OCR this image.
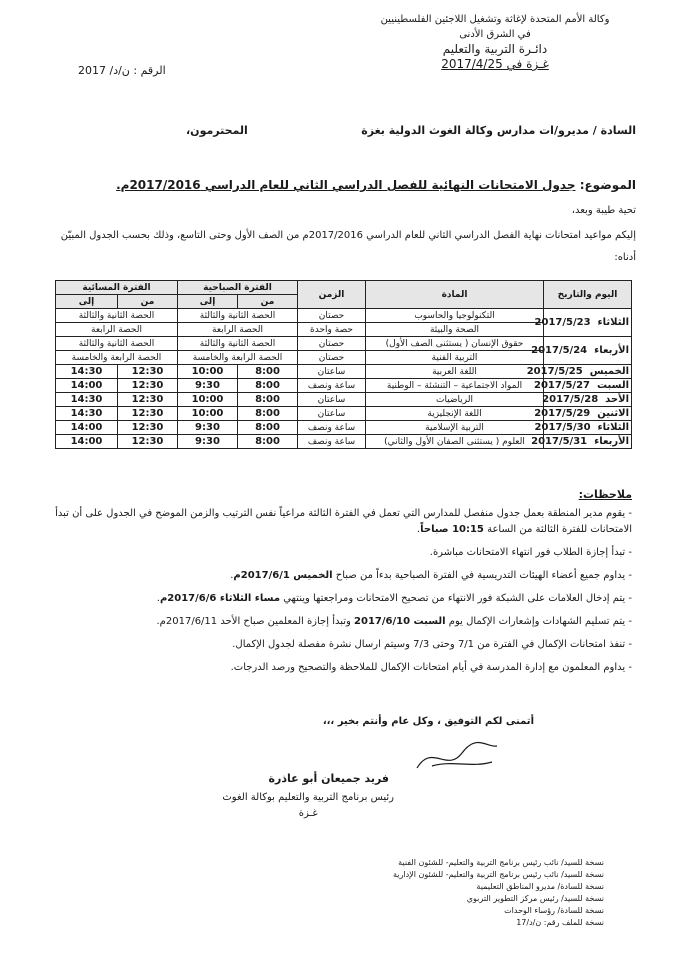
وكالة الأمم المتحدة لإغاثة وتشغيل اللاجئين الفلسطينيين
في الشرق الأدنى
دائـرة التربية والتعليم
غـزة في 2017/4/25
الرقم : ن/د/ 2017
السادة / مديرو/ات مدارس وكالة الغوث الدولية بغزة
المحترمون،
الموضوع: جدول الامتحانات النهائية للفصل الدراسي الثاني للعام الدراسي 2017/2016م.
تحية طيبة وبعد،
إليكم مواعيد امتحانات نهاية الفصل الدراسي الثاني للعام الدراسي 2017/2016م من الصف الأول وحتى التاسع، وذلك بحسب الجدول المبيّن أدناه:
اليوم والتاريخ	المادة	الزمن	الفترة الصباحية		الفترة المسائية	
			من	إلى	من	إلى
الثلاثاء  2017/5/23	التكنولوجيا والحاسوب	حصتان	الحصة الثانية والثالثة		الحصة الثانية والثالثة	
	الصحة والبيئة	حصة واحدة	الحصة الرابعة		الحصة الرابعة	
الأربعاء  2017/5/24	حقوق الإنسان ( يستثنى الصف الأول)	حصتان	الحصة الثانية والثالثة		الحصة الثانية والثالثة	
	التربية الفنية	حصتان	الحصة الرابعة والخامسة		الحصة الرابعة والخامسة	
الخميس  2017/5/25	اللغة العربية	ساعتان	8:00	10:00	12:30	14:30
السبت  2017/5/27	المواد الاجتماعية – التنشئة – الوطنية	ساعة ونصف	8:00	9:30	12:30	14:00
الأحد  2017/5/28	الرياضيات	ساعتان	8:00	10:00	12:30	14:30
الاثنين  2017/5/29	اللغة الإنجليزية	ساعتان	8:00	10:00	12:30	14:30
الثلاثاء  2017/5/30	التربية الإسلامية	ساعة ونصف	8:00	9:30	12:30	14:00
الأربعاء  2017/5/31	العلوم ( يستثنى الصفان الأول والثاني)	ساعة ونصف	8:00	9:30	12:30	14:00
ملاحظات:
- يقوم مدير المنطقة بعمل جدول منفصل للمدارس التي تعمل في الفترة الثالثة مراعياً نفس الترتيب والزمن الموضح في الجدول على أن تبدأ الامتحانات للفترة الثالثة من الساعة 10:15 صباحاً.
- تبدأ إجازة الطلاب فور انتهاء الامتحانات مباشرة.
- يداوم جميع أعضاء الهيئات التدريسية في الفترة الصباحية بدءاً من صباح الخميس 2017/6/1م.
- يتم إدخال العلامات على الشبكة فور الانتهاء من تصحيح الامتحانات ومراجعتها وينتهي مساء الثلاثاء 2017/6/6م.
- يتم تسليم الشهادات وإشعارات الإكمال يوم السبت 2017/6/10 وتبدأ إجازة المعلمين صباح الأحد 2017/6/11م.
- تنفذ امتحانات الإكمال في الفترة من 7/1 وحتى 7/3 وسيتم ارسال نشرة مفصلة لجدول الإكمال.
- يداوم المعلمون مع إدارة المدرسة في أيام امتحانات الإكمال للملاحظة والتصحيح ورصد الدرجات.
أتمنى لكم التوفيق ، وكل عام وأنتم بخير ،،،
فريد جميعان أبو عاذرة
رئيس برنامج التربية والتعليم بوكالة الغوث
غـزة
نسخة للسيد/ نائب رئيس برنامج التربية والتعليم- للشئون الفنية
نسخة للسيد/ نائب رئيس برنامج التربية والتعليم- للشئون الإدارية
نسخة للسادة/ مديرو المناطق التعليمية
نسخة للسيد/ رئيس مركز التطوير التربوي
نسخة للسادة/ رؤساء الوحدات
نسخة للملف رقم: ن/د/17
